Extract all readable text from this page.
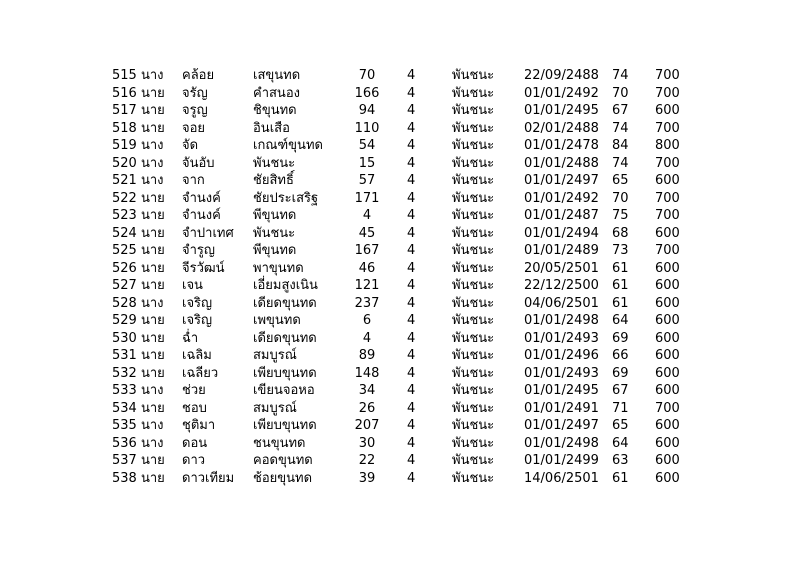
515 นาง คล้อย	เสขุนทด	70	4	พันชนะ 22/09/2488 74 700
516 นาย จรัญ	คำสนอง	166	4	พันชนะ 01/01/2492 70 700
517 นาย จรูญ	ชิขุนทด	94	4	พันชนะ 01/01/2495 67 600
518 นาย จอย	อินเสือ	110	4	พันชนะ 02/01/2488 74 700
519 นาง จัด	เกณฑ์ขุนทด	54	4	พันชนะ 01/01/2478 84 800
520 นาง จันอับ	พันชนะ	15	4	พันชนะ 01/01/2488 74 700
521 นาง จาก	ชัยสิทธิ์	57	4	พันชนะ 01/01/2497 65 600
522 นาย จำนงค์ ชัยประเสริฐ	171	4	พันชนะ 01/01/2492 70 700
523 นาย จำนงค์ พีขุนทด	4	4	พันชนะ 01/01/2487 75 700
524 นาย จำปาเทศ พันชนะ	45	4	พันชนะ 01/01/2494 68 600
525 นาย จำรูญ	พีขุนทด	167	4	พันชนะ 01/01/2489 73 700
526 นาย จีรวัฒน์ พาขุนทด	46	4	พันชนะ 20/05/2501 61 600
527 นาย เจน	เอี่ยมสูงเนิน	121	4	พันชนะ 22/12/2500 61 600
528 นาง เจริญ	เดียดขุนทด	237	4	พันชนะ 04/06/2501 61 600
529 นาย เจริญ	เพขุนทด	6	4	พันชนะ 01/01/2498 64 600
530 นาย ฉ่ำ	เดียดขุนทด	4	4	พันชนะ 01/01/2493 69 600
531 นาย เฉลิม	สมบูรณ์	89	4	พันชนะ 01/01/2496 66 600
532 นาย เฉลียว	เพียบขุนทด	148	4	พันชนะ 01/01/2493 69 600
533 นาง ช่วย	เขียนจอหอ	34	4	พันชนะ 01/01/2495 67 600
534 นาย ชอบ	สมบูรณ์	26	4	พันชนะ 01/01/2491 71 700
535 นาง ชุติมา	เพียบขุนทด	207	4	พันชนะ 01/01/2497 65 600
536 นาง ดอน	ชนขุนทด	30	4	พันชนะ 01/01/2498 64 600
537 นาย ดาว	คอดขุนทด	22	4	พันชนะ 01/01/2499 63 600
538 นาย ดาวเทียม ช้อยขุนทด	39	4	พันชนะ 14/06/2501 61 600
